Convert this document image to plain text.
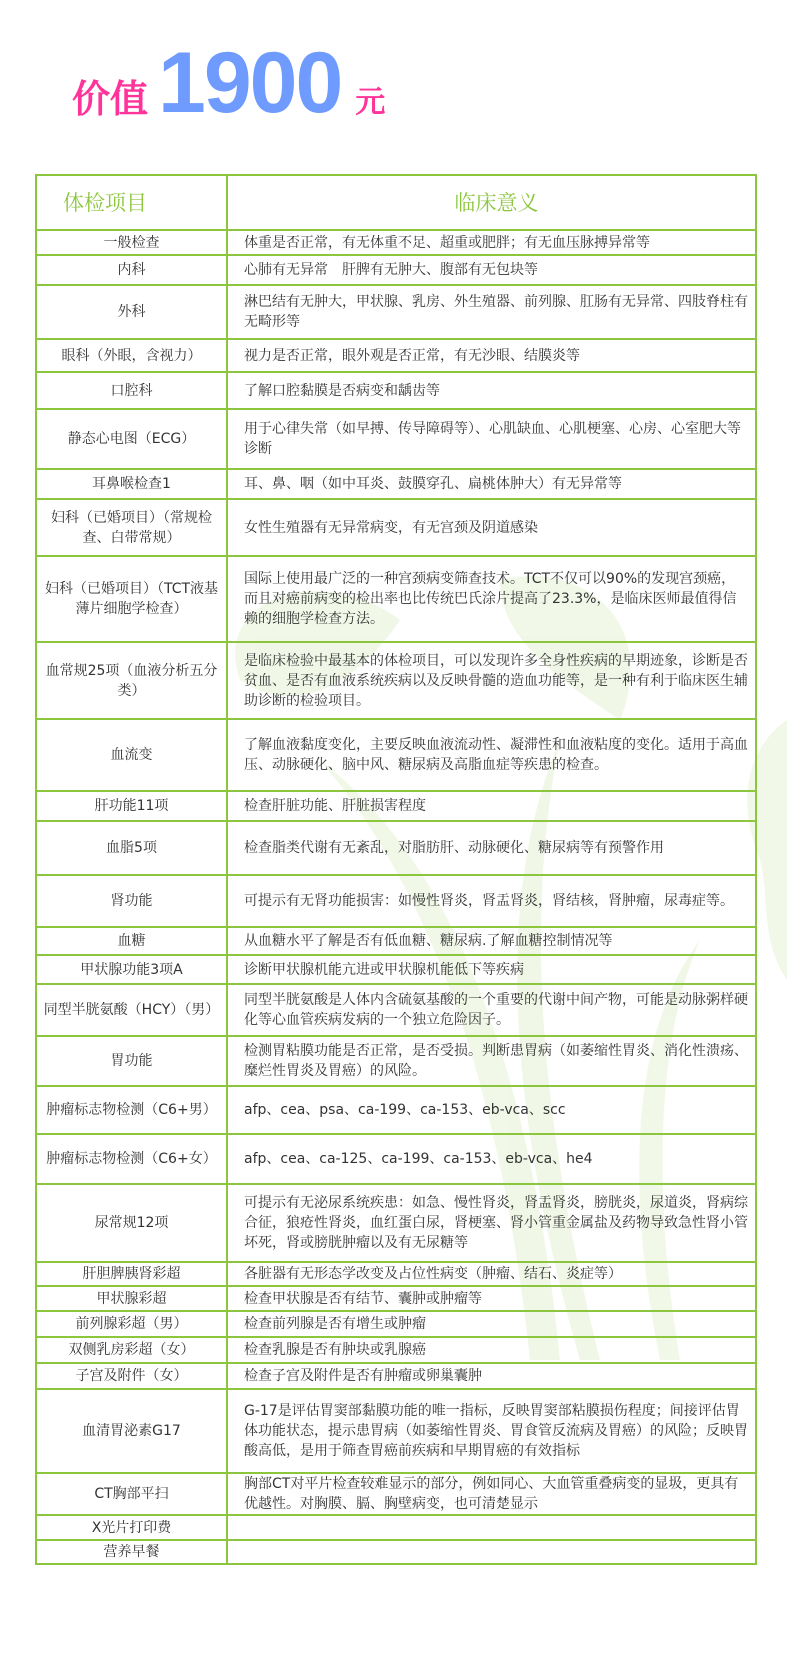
价值 1900 元
体检项目	临床意义
一般检查	体重是否正常，有无体重不足、超重或肥胖；有无血压脉搏异常等
内科	心肺有无异常　肝脾有无肿大、腹部有无包块等
外科	淋巴结有无肿大，甲状腺、乳房、外生殖器、前列腺、肛肠有无异常、四肢脊柱有无畸形等
眼科（外眼，含视力）	视力是否正常，眼外观是否正常，有无沙眼、结膜炎等
口腔科	了解口腔黏膜是否病变和龋齿等
静态心电图（ECG）	用于心律失常（如早搏、传导障碍等）、心肌缺血、心肌梗塞、心房、心室肥大等诊断
耳鼻喉检查1	耳、鼻、咽（如中耳炎、鼓膜穿孔、扁桃体肿大）有无异常等
妇科（已婚项目）（常规检查、白带常规）	女性生殖器有无异常病变，有无宫颈及阴道感染
妇科（已婚项目）（TCT液基薄片细胞学检查）	国际上使用最广泛的一种宫颈病变筛查技术。TCT不仅可以90%的发现宫颈癌，而且对癌前病变的检出率也比传统巴氏涂片提高了23.3%，是临床医师最值得信赖的细胞学检查方法。
血常规25项（血液分析五分类）	是临床检验中最基本的体检项目，可以发现许多全身性疾病的早期迹象，诊断是否贫血、是否有血液系统疾病以及反映骨髓的造血功能等，是一种有利于临床医生辅助诊断的检验项目。
血流变	了解血液黏度变化，主要反映血液流动性、凝滞性和血液粘度的变化。适用于高血压、动脉硬化、脑中风、糖尿病及高脂血症等疾患的检查。
肝功能11项	检查肝脏功能、肝脏损害程度
血脂5项	检查脂类代谢有无紊乱，对脂肪肝、动脉硬化、糖尿病等有预警作用
肾功能	可提示有无肾功能损害：如慢性肾炎，肾盂肾炎，肾结核，肾肿瘤，尿毒症等。
血糖	从血糖水平了解是否有低血糖、糖尿病.了解血糖控制情况等
甲状腺功能3项A	诊断甲状腺机能亢进或甲状腺机能低下等疾病
同型半胱氨酸（HCY）（男）	同型半胱氨酸是人体内含硫氨基酸的一个重要的代谢中间产物，可能是动脉粥样硬化等心血管疾病发病的一个独立危险因子。
胃功能	检测胃粘膜功能是否正常，是否受损。判断患胃病（如萎缩性胃炎、消化性溃疡、糜烂性胃炎及胃癌）的风险。
肿瘤标志物检测（C6+男）	afp、cea、psa、ca-199、ca-153、eb-vca、scc
肿瘤标志物检测（C6+女）	afp、cea、ca-125、ca-199、ca-153、eb-vca、he4
尿常规12项	可提示有无泌尿系统疾患：如急、慢性肾炎，肾盂肾炎，膀胱炎，尿道炎，肾病综合征，狼疮性肾炎，血红蛋白尿，肾梗塞、肾小管重金属盐及药物导致急性肾小管坏死，肾或膀胱肿瘤以及有无尿糖等
肝胆脾胰肾彩超	各脏器有无形态学改变及占位性病变（肿瘤、结石、炎症等）
甲状腺彩超	检查甲状腺是否有结节、囊肿或肿瘤等
前列腺彩超（男）	检查前列腺是否有增生或肿瘤
双侧乳房彩超（女）	检查乳腺是否有肿块或乳腺癌
子宫及附件（女）	检查子宫及附件是否有肿瘤或卵巢囊肿
血清胃泌素G17	G-17是评估胃窦部黏膜功能的唯一指标，反映胃窦部粘膜损伤程度；间接评估胃体功能状态，提示患胃病（如萎缩性胃炎、胃食管反流病及胃癌）的风险；反映胃酸高低，是用于筛查胃癌前疾病和早期胃癌的有效指标
CT胸部平扫	胸部CT对平片检查较难显示的部分，例如同心、大血管重叠病变的显圾，更具有优越性。对胸膜、膈、胸壁病变，也可清楚显示
X光片打印费	
营养早餐	
